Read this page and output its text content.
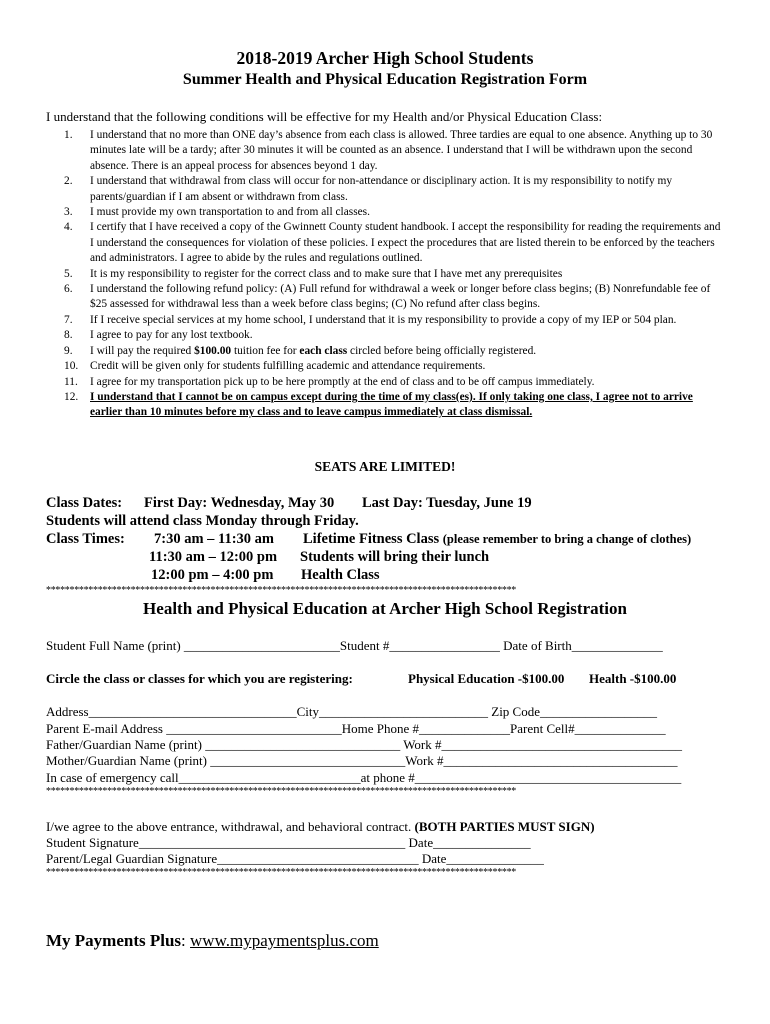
2018-2019 Archer High School Students
Summer Health and Physical Education Registration Form
I understand that the following conditions will be effective for my Health and/or Physical Education Class:
1.	I understand that no more than ONE day’s absence from each class is allowed. Three tardies are equal to one absence. Anything up to 30 minutes late will be a tardy; after 30 minutes it will be counted as an absence. I understand that I will be withdrawn upon the second absence. There is an appeal process for absences beyond 1 day.
2.	I understand that withdrawal from class will occur for non-attendance or disciplinary action. It is my responsibility to notify my parents/guardian if I am absent or withdrawn from class.
3.	I must provide my own transportation to and from all classes.
4.	I certify that I have received a copy of the Gwinnett County student handbook. I accept the responsibility for reading the requirements and I understand the consequences for violation of these policies. I expect the procedures that are listed therein to be enforced by the teachers and administrators. I agree to abide by the rules and regulations outlined.
5.	It is my responsibility to register for the correct class and to make sure that I have met any prerequisites
6.	I understand the following refund policy: (A) Full refund for withdrawal a week or longer before class begins; (B) Nonrefundable fee of $25 assessed for withdrawal less than a week before class begins; (C) No refund after class begins.
7.	If I receive special services at my home school, I understand that it is my responsibility to provide a copy of my IEP or 504 plan.
8.	I agree to pay for any lost textbook.
9.	I will pay the required $100.00 tuition fee for each class circled before being officially registered.
10.	Credit will be given only for students fulfilling academic and attendance requirements.
11.	I agree for my transportation pick up to be here promptly at the end of class and to be off campus immediately.
12.	I understand that I cannot be on campus except during the time of my class(es). If only taking one class, I agree not to arrive earlier than 10 minutes before my class and to leave campus immediately at class dismissal.
SEATS ARE LIMITED!
Class Dates: First Day: Wednesday, May 30 Last Day: Tuesday, June 19
Students will attend class Monday through Friday.
Class Times: 7:30 am – 11:30 am Lifetime Fitness Class (please remember to bring a change of clothes)
11:30 am – 12:00 pm Students will bring their lunch
12:00 pm – 4:00 pm Health Class
****************************************************************************************************
Health and Physical Education at Archer High School Registration
Student Full Name (print) ________________________Student #_________________ Date of Birth______________
Circle the class or classes for which you are registering:	Physical Education -$100.00 Health -$100.00
Address________________________________City__________________________ Zip Code__________________
Parent E-mail Address ___________________________Home Phone #______________Parent Cell#______________
Father/Guardian Name (print) ______________________________ Work #_____________________________________
Mother/Guardian Name (print) ______________________________Work #____________________________________
In case of emergency call____________________________at phone #_________________________________________
****************************************************************************************************
I/we agree to the above entrance, withdrawal, and behavioral contract. (BOTH PARTIES MUST SIGN)
Student Signature_________________________________________ Date_______________
Parent/Legal Guardian Signature_______________________________ Date_______________
****************************************************************************************************
My Payments Plus: www.mypaymentsplus.com
